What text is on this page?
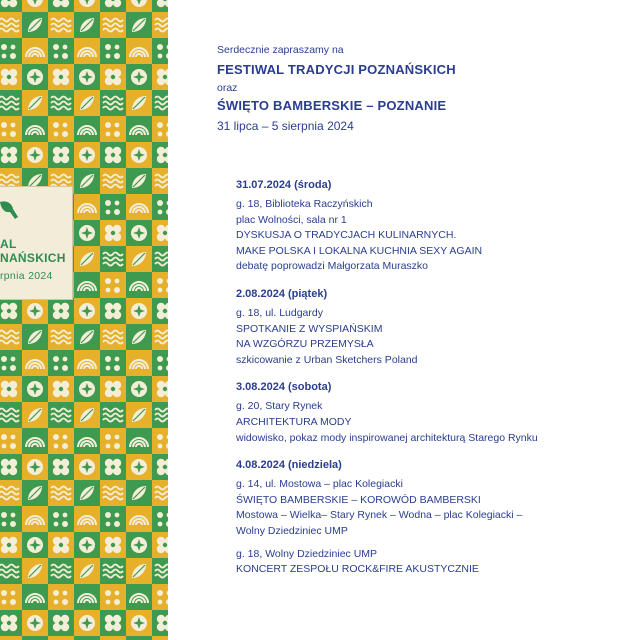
AL
NAŃSKICH
rpnia 2024

Serdecznie zapraszamy na

FESTIWAL TRADYCJI POZNAŃSKICH

oraz

ŚWIĘTO BAMBERSKIE – POZNANIE

31 lipca – 5 sierpnia 2024

31.07.2024 (środa)
g. 18, Biblioteka Raczyńskich
plac Wolności, sala nr 1
DYSKUSJA O TRADYCJACH KULINARNYCH.
MAKE POLSKA I LOKALNA KUCHNIA SEXY AGAIN
debatę poprowadzi Małgorzata Muraszko
2.08.2024 (piątek)
g. 18, ul. Ludgardy
SPOTKANIE Z WYSPIAŃSKIM
NA WZGÓRZU PRZEMYSŁA
szkicowanie z Urban Sketchers Poland
3.08.2024 (sobota)
g. 20, Stary Rynek
ARCHITEKTURA MODY
widowisko, pokaz mody inspirowanej architekturą Starego Rynku
4.08.2024 (niedziela)
g. 14, ul. Mostowa – plac Kolegiacki
ŚWIĘTO BAMBERSKIE – KOROWÓD BAMBERSKI
Mostowa – Wielka– Stary Rynek – Wodna – plac Kolegiacki –
Wolny Dziedziniec UMP
g. 18, Wolny Dziedziniec UMP
KONCERT ZESPOŁU ROCK&FIRE AKUSTYCZNIE
